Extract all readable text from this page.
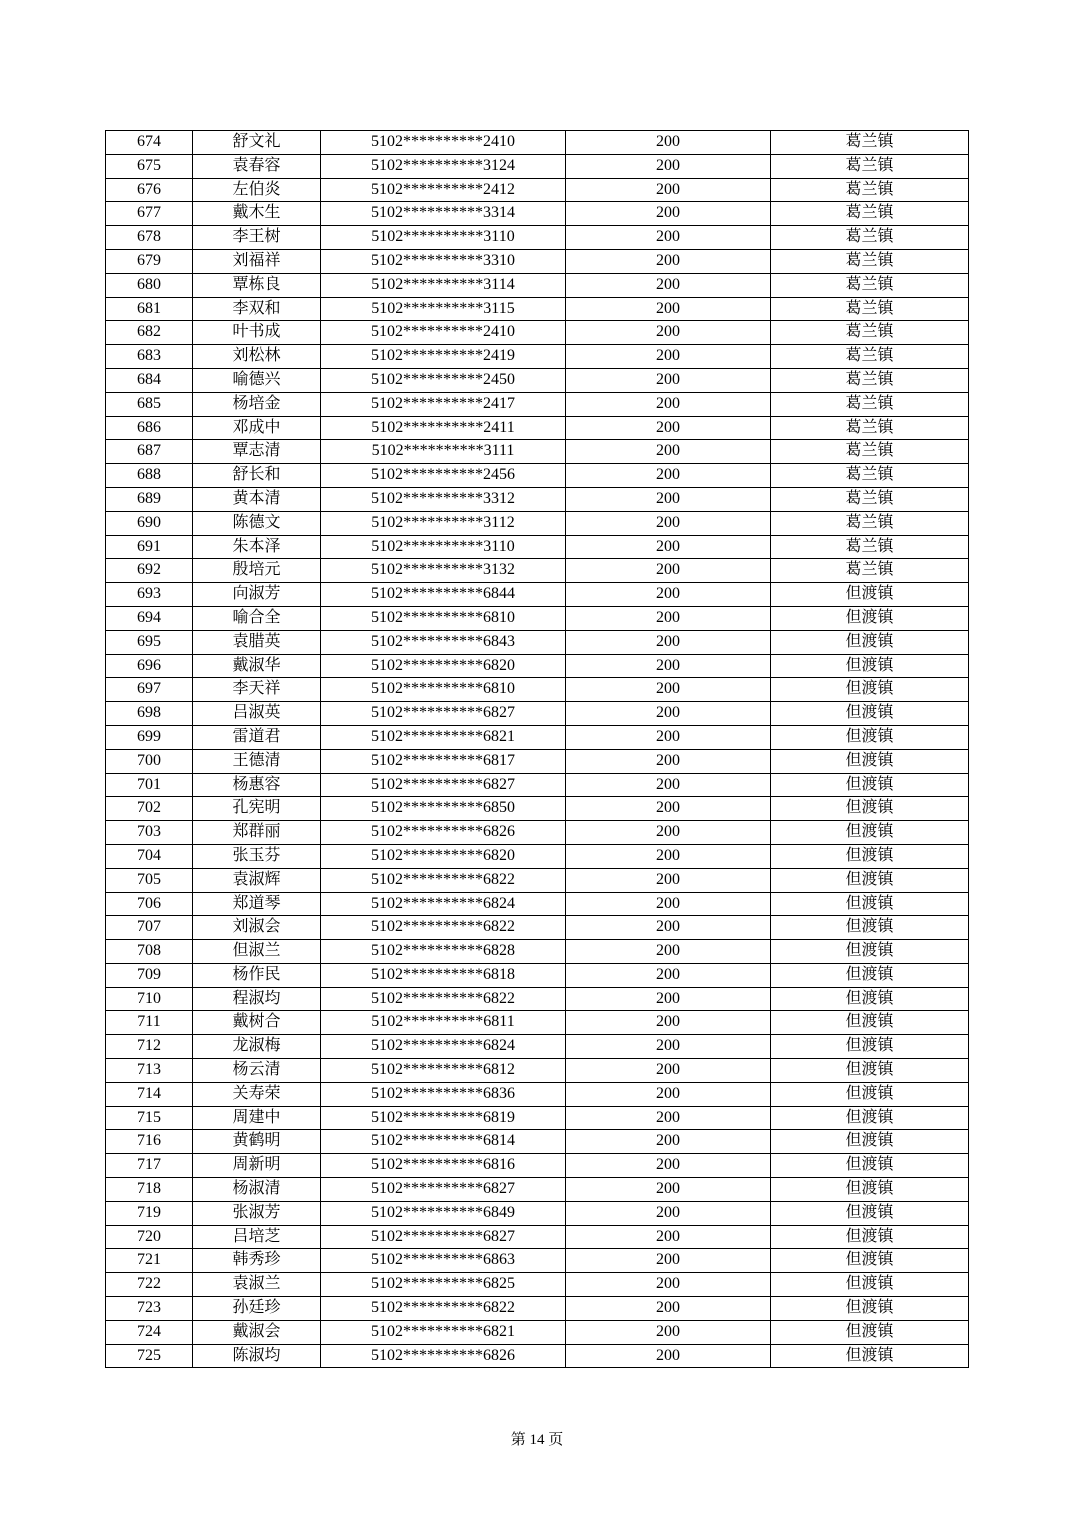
674	舒文礼	5102**********2410	200	葛兰镇
675	袁春容	5102**********3124	200	葛兰镇
676	左伯炎	5102**********2412	200	葛兰镇
677	戴木生	5102**********3314	200	葛兰镇
678	李王树	5102**********3110	200	葛兰镇
679	刘福祥	5102**********3310	200	葛兰镇
680	覃栋良	5102**********3114	200	葛兰镇
681	李双和	5102**********3115	200	葛兰镇
682	叶书成	5102**********2410	200	葛兰镇
683	刘松林	5102**********2419	200	葛兰镇
684	喻德兴	5102**********2450	200	葛兰镇
685	杨培金	5102**********2417	200	葛兰镇
686	邓成中	5102**********2411	200	葛兰镇
687	覃志清	5102**********3111	200	葛兰镇
688	舒长和	5102**********2456	200	葛兰镇
689	黄本清	5102**********3312	200	葛兰镇
690	陈德文	5102**********3112	200	葛兰镇
691	朱本泽	5102**********3110	200	葛兰镇
692	殷培元	5102**********3132	200	葛兰镇
693	向淑芳	5102**********6844	200	但渡镇
694	喻合全	5102**********6810	200	但渡镇
695	袁腊英	5102**********6843	200	但渡镇
696	戴淑华	5102**********6820	200	但渡镇
697	李天祥	5102**********6810	200	但渡镇
698	吕淑英	5102**********6827	200	但渡镇
699	雷道君	5102**********6821	200	但渡镇
700	王德清	5102**********6817	200	但渡镇
701	杨惠容	5102**********6827	200	但渡镇
702	孔宪明	5102**********6850	200	但渡镇
703	郑群丽	5102**********6826	200	但渡镇
704	张玉芬	5102**********6820	200	但渡镇
705	袁淑辉	5102**********6822	200	但渡镇
706	郑道琴	5102**********6824	200	但渡镇
707	刘淑会	5102**********6822	200	但渡镇
708	但淑兰	5102**********6828	200	但渡镇
709	杨作民	5102**********6818	200	但渡镇
710	程淑均	5102**********6822	200	但渡镇
711	戴树合	5102**********6811	200	但渡镇
712	龙淑梅	5102**********6824	200	但渡镇
713	杨云清	5102**********6812	200	但渡镇
714	关寿荣	5102**********6836	200	但渡镇
715	周建中	5102**********6819	200	但渡镇
716	黄鹤明	5102**********6814	200	但渡镇
717	周新明	5102**********6816	200	但渡镇
718	杨淑清	5102**********6827	200	但渡镇
719	张淑芳	5102**********6849	200	但渡镇
720	吕培芝	5102**********6827	200	但渡镇
721	韩秀珍	5102**********6863	200	但渡镇
722	袁淑兰	5102**********6825	200	但渡镇
723	孙廷珍	5102**********6822	200	但渡镇
724	戴淑会	5102**********6821	200	但渡镇
725	陈淑均	5102**********6826	200	但渡镇
第 14 页
